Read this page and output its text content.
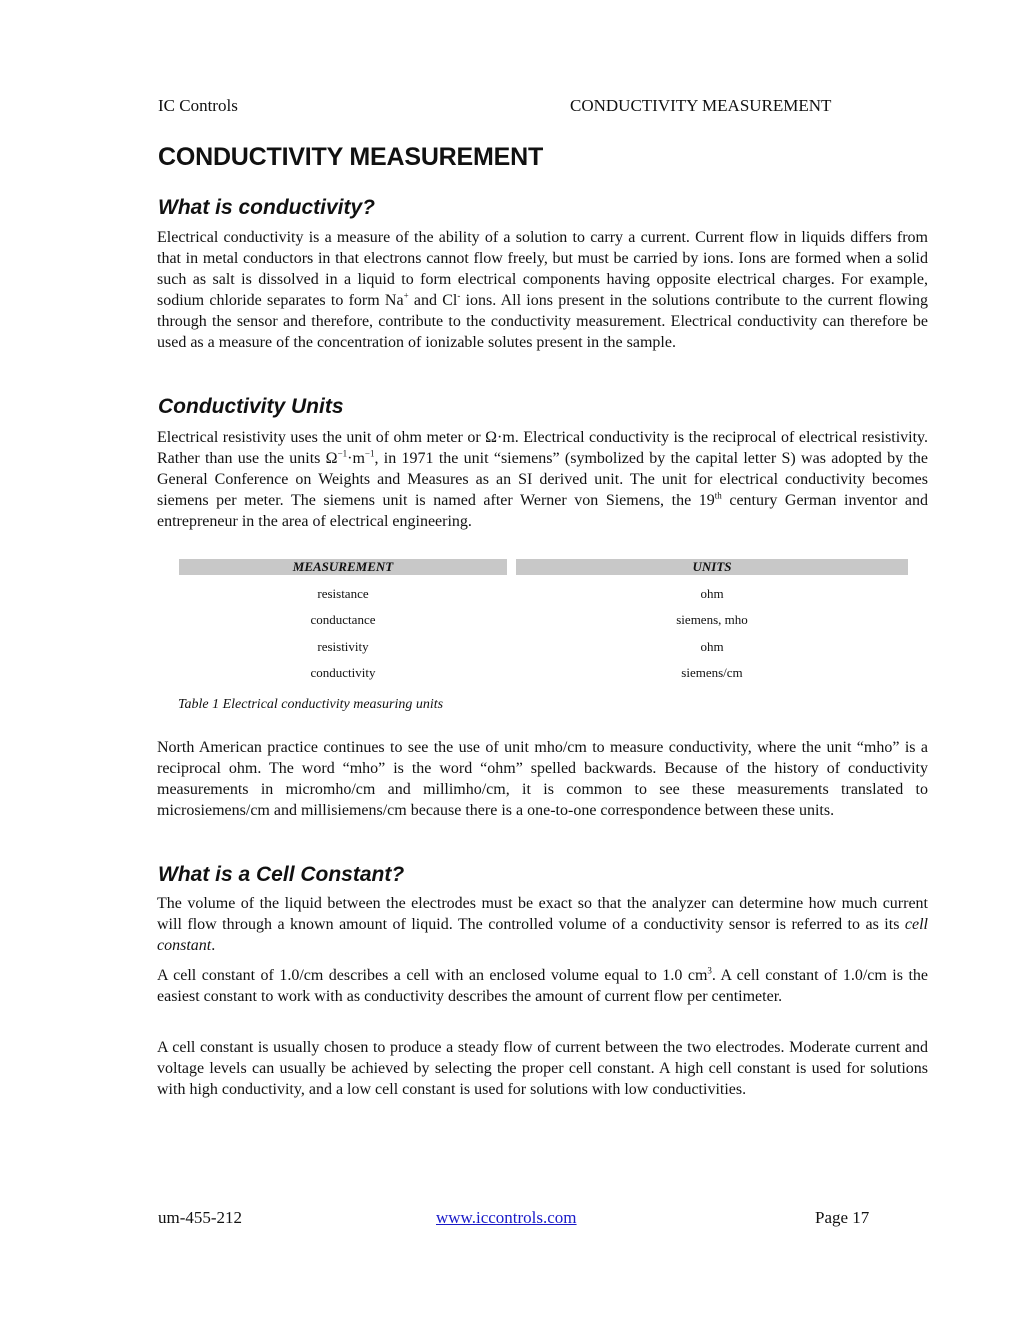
IC Controls	CONDUCTIVITY MEASUREMENT
CONDUCTIVITY MEASUREMENT
What is conductivity?

Electrical conductivity is a measure of the ability of a solution to carry a current. Current flow in liquids differs from that in metal conductors in that electrons cannot flow freely, but must be carried by ions. Ions are formed when a solid such as salt is dissolved in a liquid to form electrical components having opposite electrical charges. For example, sodium chloride separates to form Na+ and Cl- ions. All ions present in the solutions contribute to the current flowing through the sensor and therefore, contribute to the conductivity measurement. Electrical conductivity can therefore be used as a measure of the concentration of ionizable solutes present in the sample.

Conductivity Units

Electrical resistivity uses the unit of ohm meter or Ω·m. Electrical conductivity is the reciprocal of electrical resistivity. Rather than use the units $\Omega^{-1}\cdot m^{-1}$, in 1971 the unit “siemens” (symbolized by the capital letter S) was adopted by the General Conference on Weights and Measures as an SI derived unit. The unit for electrical conductivity becomes siemens per meter. The siemens unit is named after Werner von Siemens, the 19th century German inventor and entrepreneur in the area of electrical engineering.

MEASUREMENT	UNITS
resistance	ohm
conductance	siemens, mho
resistivity	ohm
conductivity	siemens/cm
Table 1 Electrical conductivity measuring units

North American practice continues to see the use of unit mho/cm to measure conductivity, where the unit “mho” is a reciprocal ohm. The word “mho” is the word “ohm” spelled backwards. Because of the history of conductivity measurements in micromho/cm and millimho/cm, it is common to see these measurements translated to microsiemens/cm and millisiemens/cm because there is a one-to-one correspondence between these units.

What is a Cell Constant?

The volume of the liquid between the electrodes must be exact so that the analyzer can determine how much current will flow through a known amount of liquid. The controlled volume of a conductivity sensor is referred to as its cell constant.

A cell constant of 1.0/cm describes a cell with an enclosed volume equal to 1.0 $cm^3$. A cell constant of 1.0/cm is the easiest constant to work with as conductivity describes the amount of current flow per centimeter.

A cell constant is usually chosen to produce a steady flow of current between the two electrodes. Moderate current and voltage levels can usually be achieved by selecting the proper cell constant. A high cell constant is used for solutions with high conductivity, and a low cell constant is used for solutions with low conductivities.

um-455-212	www.iccontrols.com	Page 17
